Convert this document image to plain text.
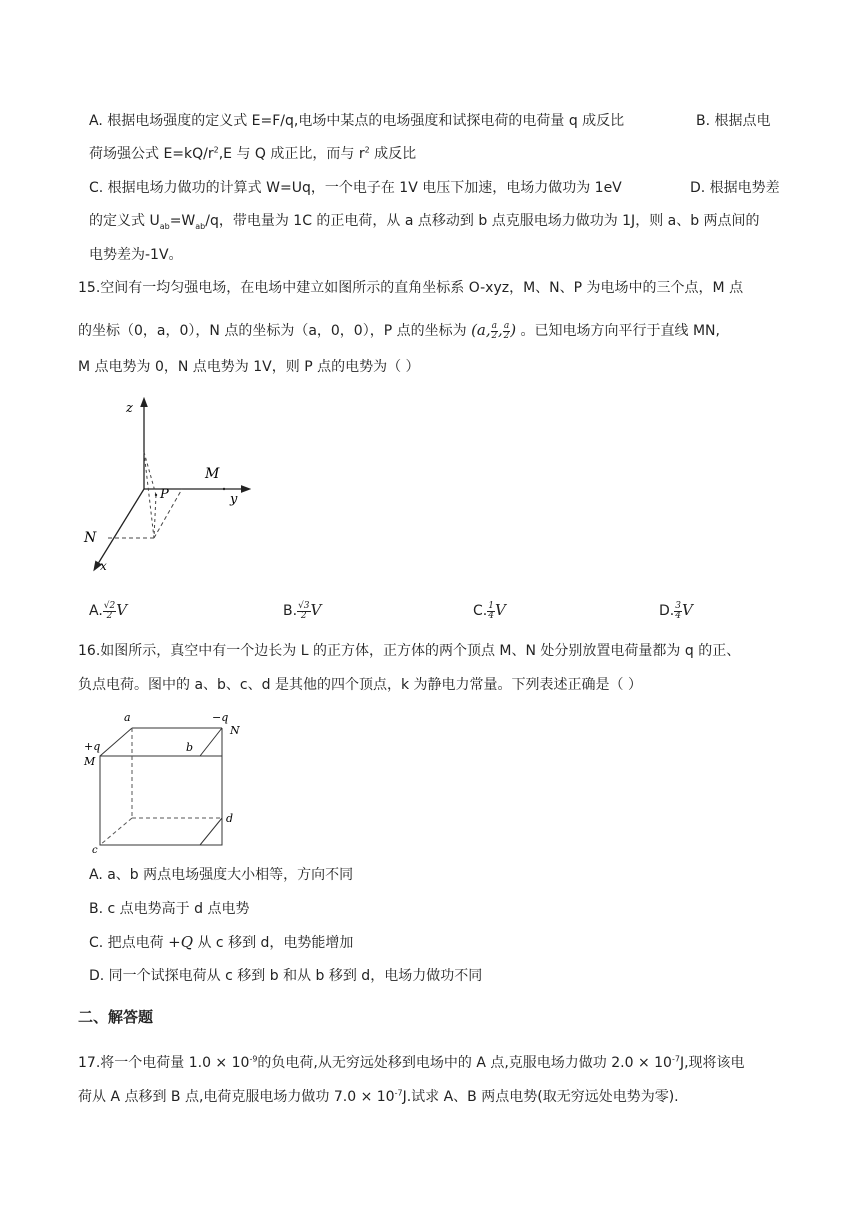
A. 根据电场强度的定义式 E=F/q,电场中某点的电场强度和试探电荷的电荷量 q 成反比	B. 根据点电
荷场强公式 $E=kQ/r^2,E$ 与 Q 成正比，而与 $r^2$ 成反比
C. 根据电场力做功的计算式 W=Uq，一个电子在 1V 电压下加速，电场力做功为 1eV	D. 根据电势差
的定义式 $U_{ab}=W_{ab}/q$，带电量为 1C 的正电荷，从 a 点移动到 b 点克服电场力做功为 1J，则 a、b 两点间的
电势差为-1V。
15.空间有一均匀强电场，在电场中建立如图所示的直角坐标系 O-xyz，M、N、P 为电场中的三个点，M 点
的坐标（0，a，0），N 点的坐标为（a，0，0），P 点的坐标为 (a, $\frac{a}{2}$ , $\frac{a}{2}$ ) 。已知电场方向平行于直线 MN,
M 点电势为 0，N 点电势为 1V，则 P 点的电势为（ ）
z
y
x
M
N
P
A. $\frac{√2}{2}$ V	B. $\frac{√3}{2}$ V	C. $\frac{1}{4}$ V	D. $\frac{3}{4}$ V
16.如图所示，真空中有一个边长为 L 的正方体，正方体的两个顶点 M、N 处分别放置电荷量都为 q 的正、
负点电荷。图中的 a、b、c、d 是其他的四个顶点，k 为静电力常量。下列表述正确是（ ）
a
b
c
d
+q
M
−q
N
A. a、b 两点电场强度大小相等，方向不同
B. c 点电势高于 d 点电势
C. 把点电荷 +Q 从 c 移到 d，电势能增加
D. 同一个试探电荷从 c 移到 b 和从 b 移到 d，电场力做功不同
二、解答题
17.将一个电荷量 $1.0 \times 10^{-9}$的负电荷,从无穷远处移到电场中的 A 点,克服电场力做功 $2.0 \times 10^{-7}J$,现将该电
荷从 A 点移到 B 点,电荷克服电场力做功 $7.0 \times 10^{-7}J$.试求 A、B 两点电势(取无穷远处电势为零).
